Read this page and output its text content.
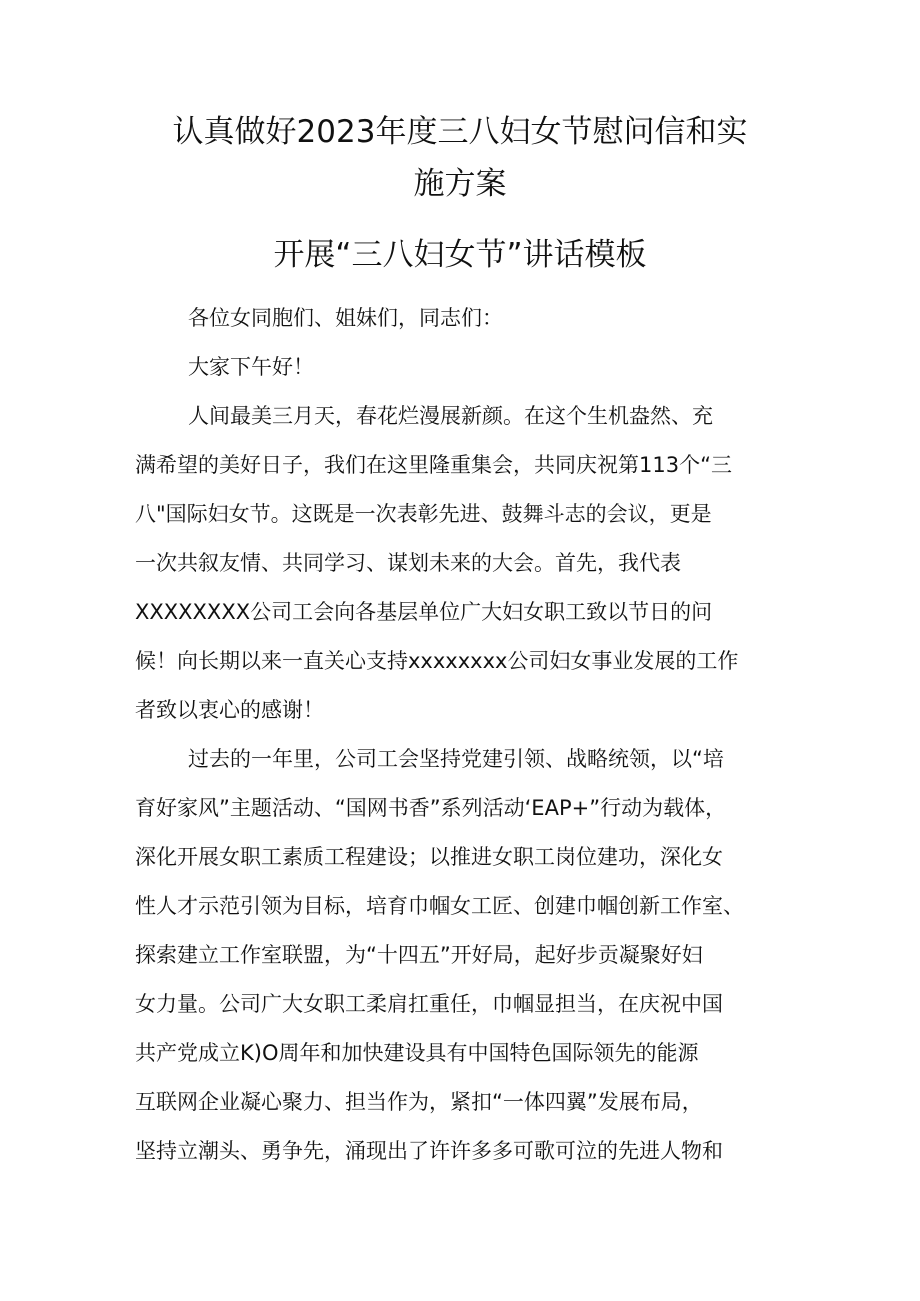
认真做好2023年度三八妇女节慰问信和实
施方案
开展“三八妇女节”讲话模板

各位女同胞们、姐妹们，同志们：

大家下午好！

人间最美三月天，春花烂漫展新颜。在这个生机盎然、充
满希望的美好日子，我们在这里隆重集会，共同庆祝第113个“三
八"国际妇女节。这既是一次表彰先进、鼓舞斗志的会议，更是
一次共叙友情、共同学习、谋划未来的大会。首先，我代表
XXXXXXXX公司工会向各基层单位广大妇女职工致以节日的问
候！向长期以来一直关心支持xxxxxxxx公司妇女事业发展的工作
者致以衷心的感谢！
过去的一年里，公司工会坚持党建引领、战略统领，以“培
育好家风”主题活动、“国网书香”系列活动‘EAP+”行动为载体，
深化开展女职工素质工程建设；以推进女职工岗位建功，深化女
性人才示范引领为目标，培育巾帼女工匠、创建巾帼创新工作室、
探索建立工作室联盟，为“十四五”开好局，起好步贡凝聚好妇
女力量。公司广大女职工柔肩扛重任，巾帼显担当，在庆祝中国
共产党成立K)O周年和加快建设具有中国特色国际领先的能源
互联网企业凝心聚力、担当作为，紧扣“一体四翼”发展布局，
坚持立潮头、勇争先，涌现出了许许多多可歌可泣的先进人物和
